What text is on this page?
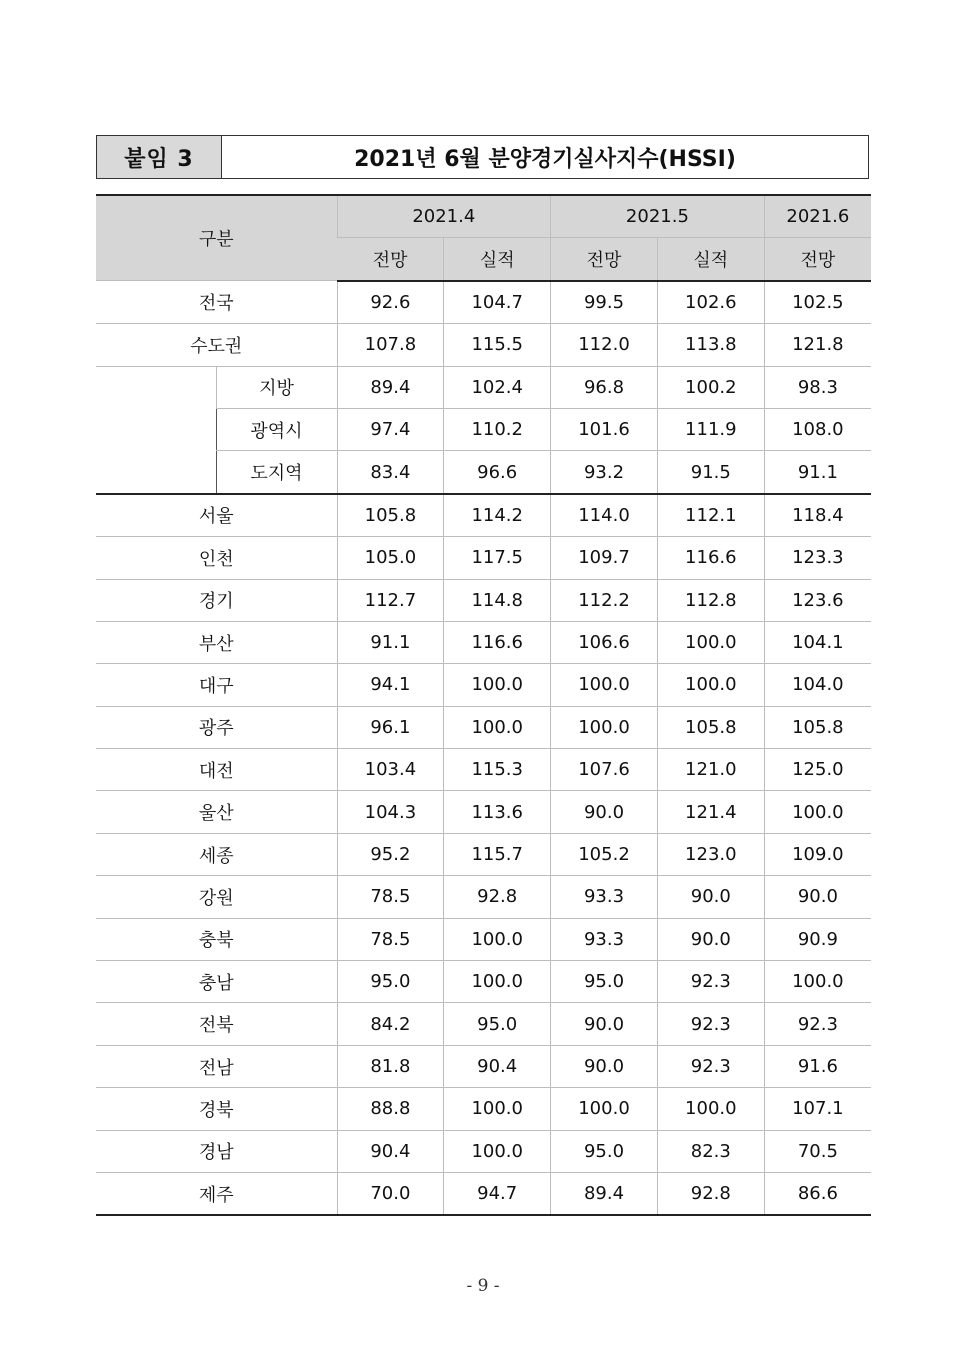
붙임 3	2021년 6월 분양경기실사지수(HSSI)
구분		2021.4		2021.5		2021.6
		전망	실적	전망	실적	전망
전국		92.6	104.7	99.5	102.6	102.5
수도권		107.8	115.5	112.0	113.8	121.8
	지방	89.4	102.4	96.8	100.2	98.3
	광역시	97.4	110.2	101.6	111.9	108.0
	도지역	83.4	96.6	93.2	91.5	91.1
서울		105.8	114.2	114.0	112.1	118.4
인천		105.0	117.5	109.7	116.6	123.3
경기		112.7	114.8	112.2	112.8	123.6
부산		91.1	116.6	106.6	100.0	104.1
대구		94.1	100.0	100.0	100.0	104.0
광주		96.1	100.0	100.0	105.8	105.8
대전		103.4	115.3	107.6	121.0	125.0
울산		104.3	113.6	90.0	121.4	100.0
세종		95.2	115.7	105.2	123.0	109.0
강원		78.5	92.8	93.3	90.0	90.0
충북		78.5	100.0	93.3	90.0	90.9
충남		95.0	100.0	95.0	92.3	100.0
전북		84.2	95.0	90.0	92.3	92.3
전남		81.8	90.4	90.0	92.3	91.6
경북		88.8	100.0	100.0	100.0	107.1
경남		90.4	100.0	95.0	82.3	70.5
제주		70.0	94.7	89.4	92.8	86.6
- 9 -
